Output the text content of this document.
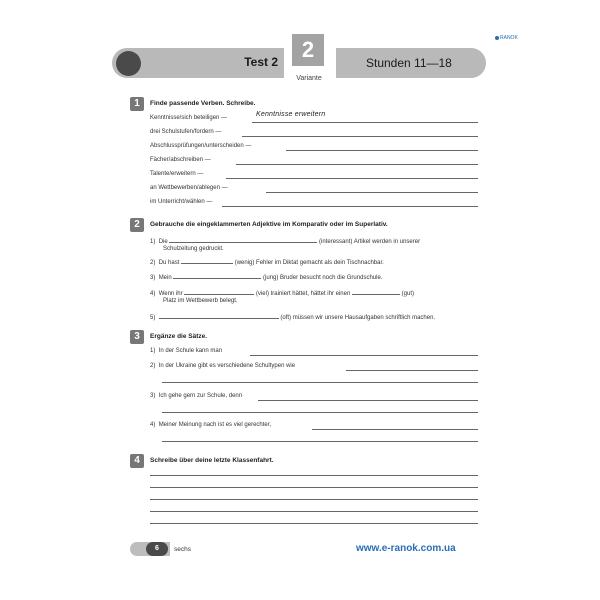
Test 2	2
Variante
Stunden 11—18
RANOK
1	Finde passende Verben. Schreibe.
Kenntnisse/sich beteiligen —	Kenntnisse erweitern
drei Schulstufen/fordern —
Abschlussprüfungen/unterscheiden —
Fächer/abschreiben —
Talente/erweitern —
an Wettbewerben/ablegen —
im Unterricht/wählen —
2	Gebrauche die eingeklammerten Adjektive im Komparativ oder im Superlativ.
1) Die	(interessant) Artikel werden in unserer
Schulzeitung gedruckt.
2) Du hast	(wenig) Fehler im Diktat gemacht als dein Tischnachbar.
3) Mein	(jung) Bruder besucht noch die Grundschule.
4) Wenn ihr	(viel) trainiert hättet, hättet ihr einen	(gut)
Platz im Wettbewerb belegt.
5)	(oft) müssen wir unsere Hausaufgaben schriftlich machen.
3	Ergänze die Sätze.
1) In der Schule kann man
2) In der Ukraine gibt es verschiedene Schultypen wie
3) Ich gehe gern zur Schule, denn
4) Meiner Meinung nach ist es viel gerechter,
4	Schreibe über deine letzte Klassenfahrt.
6	sechs	www.e-ranok.com.ua
